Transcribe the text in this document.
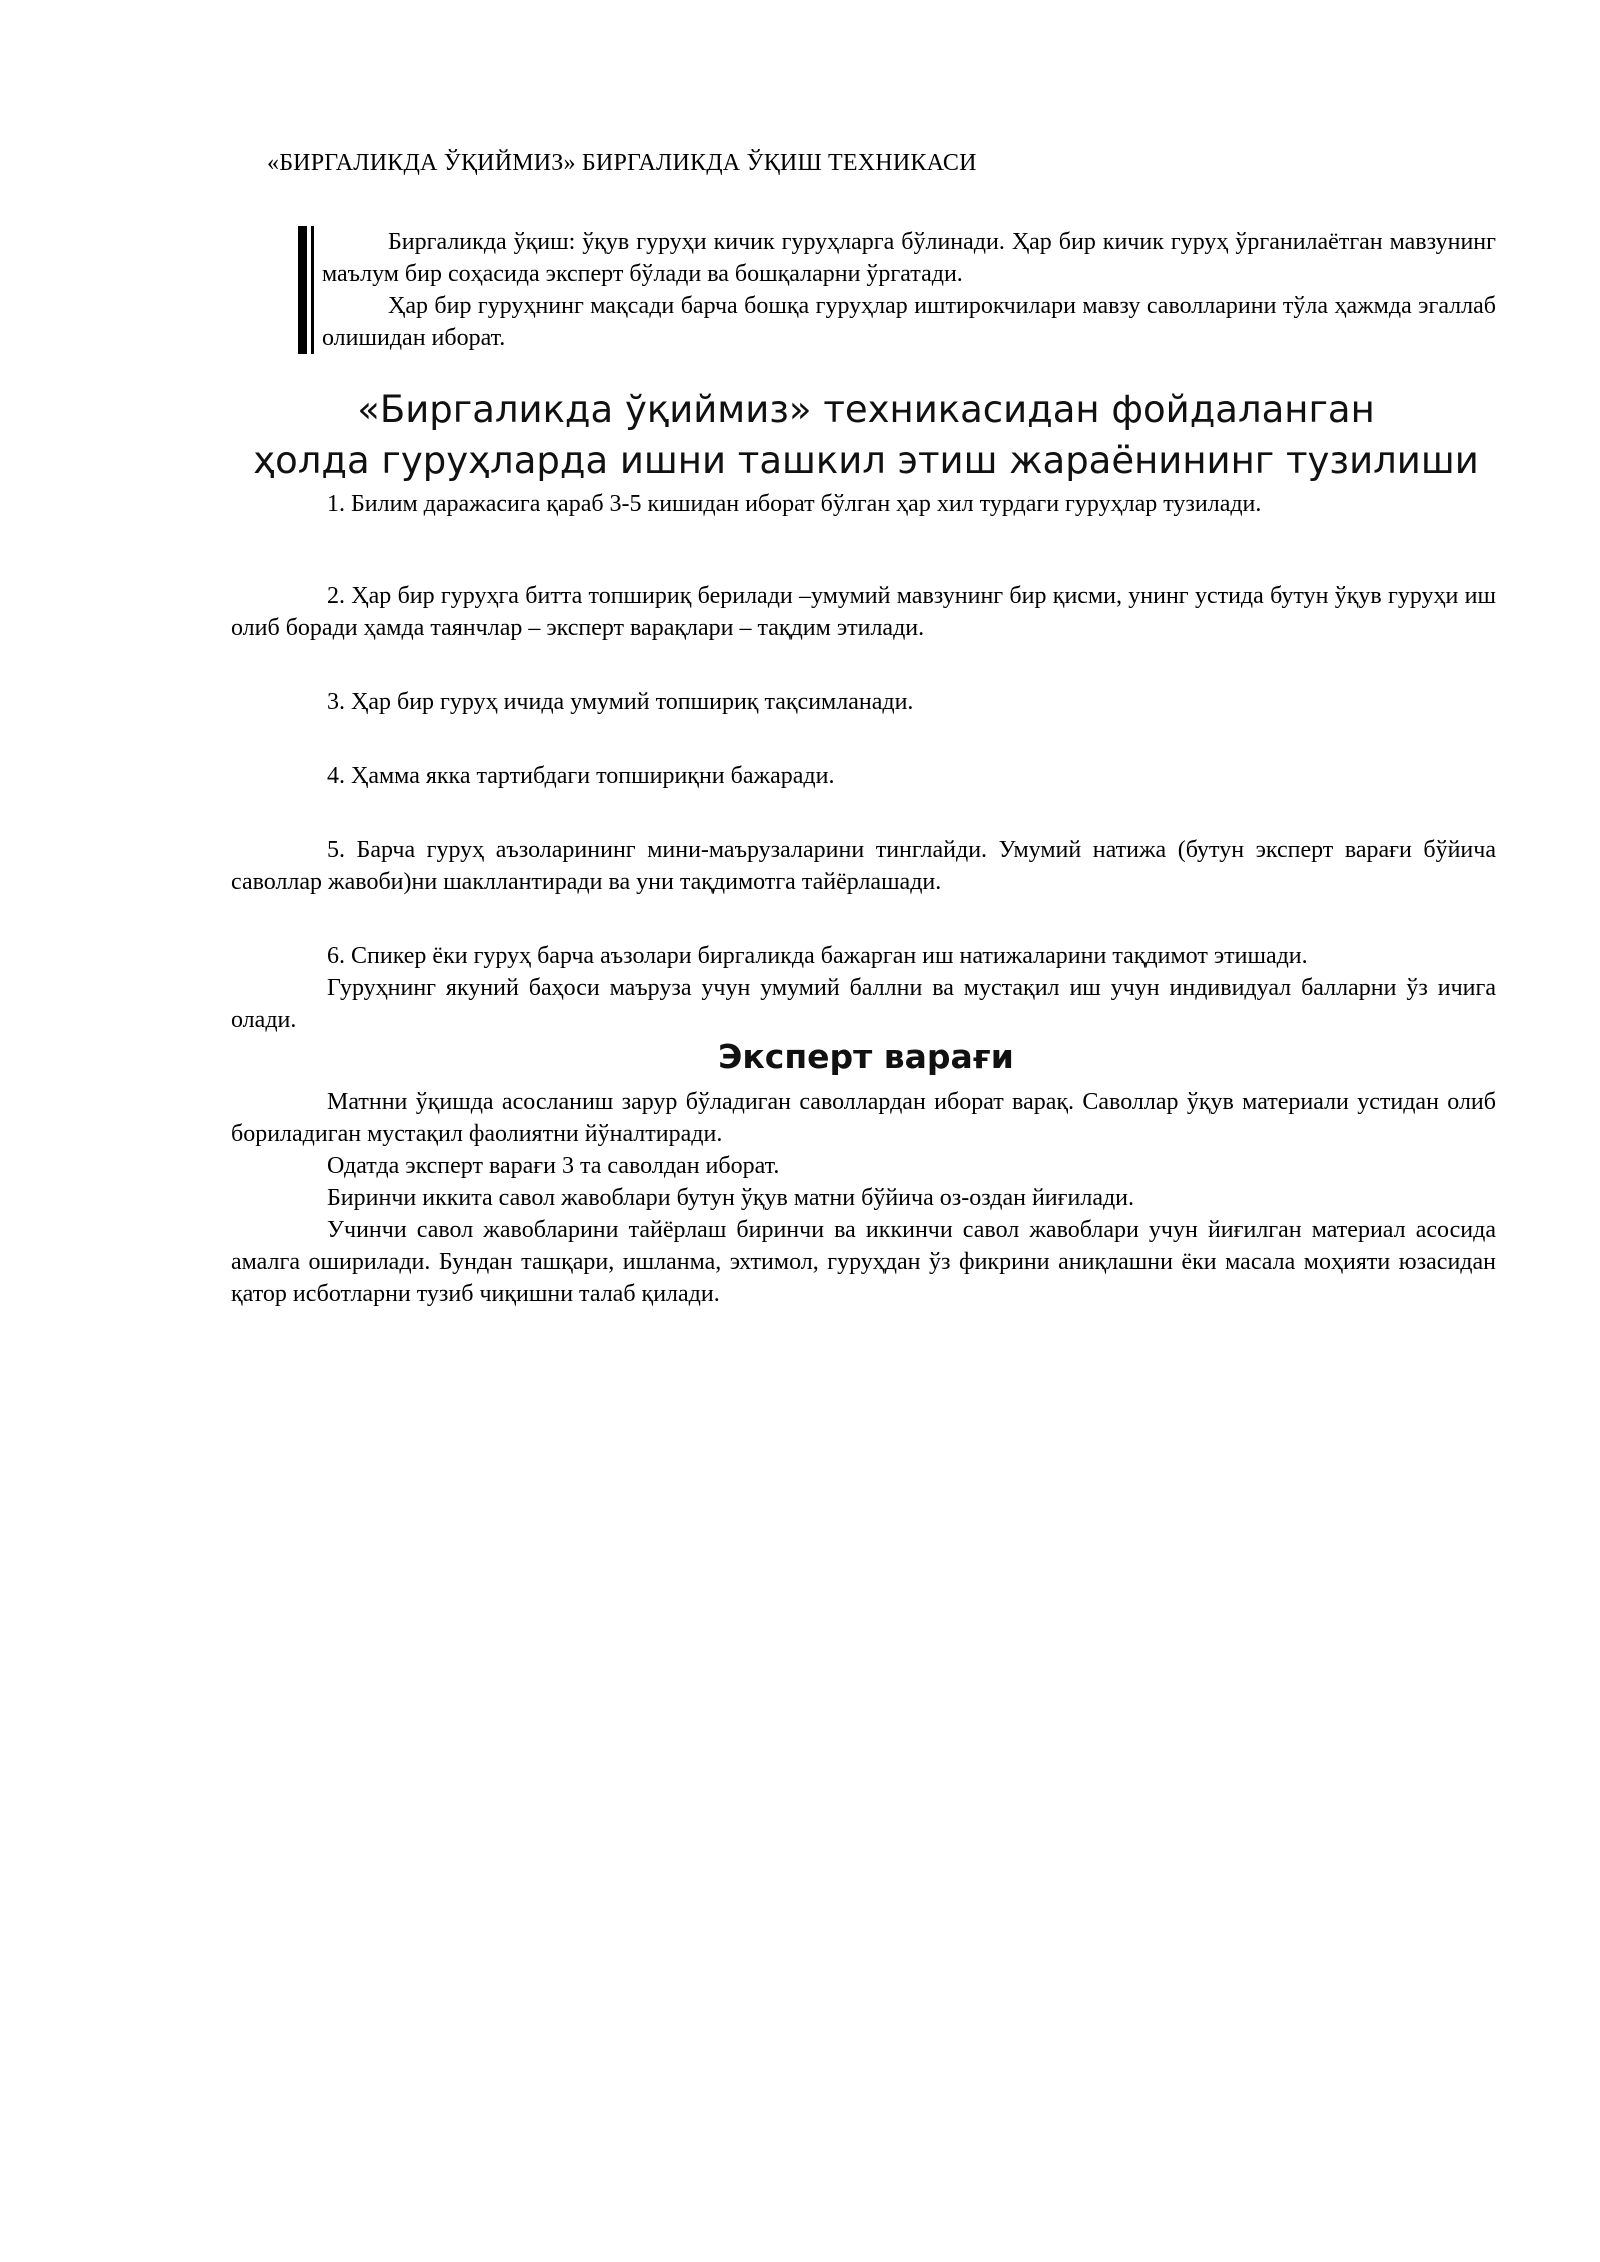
«БИРГАЛИКДА ЎҚИЙМИЗ» БИРГАЛИКДА ЎҚИШ ТЕХНИКАСИ

Биргаликда ўқиш: ўқув гуруҳи кичик гуруҳларга бўлинади. Ҳар бир кичик гуруҳ ўрганилаётган мавзунинг маълум бир соҳасида эксперт бўлади ва бошқаларни ўргатади.

Ҳар бир гуруҳнинг мақсади барча бошқа гуруҳлар иштирокчилари мавзу саволларини тўла ҳажмда эгаллаб олишидан иборат.

«Биргаликда ўқиймиз» техникасидан фойдаланган
ҳолда гуруҳларда ишни ташкил этиш жараёнининг тузилиши

1. Билим даражасига қараб 3-5 кишидан иборат бўлган ҳар хил турдаги гуруҳлар тузилади.

2. Ҳар бир гуруҳга битта топшириқ берилади –умумий мавзунинг бир қисми, унинг устида бутун ўқув гуруҳи иш олиб боради ҳамда таянчлар – эксперт варақлари – тақдим этилади.

3. Ҳар бир гуруҳ ичида умумий топшириқ тақсимланади.

4. Ҳамма якка тартибдаги топшириқни бажаради.

5. Барча гуруҳ аъзоларининг мини-маърузаларини тинглайди. Умумий натижа (бутун эксперт варағи бўйича саволлар жавоби)ни шакллантиради ва уни тақдимотга тайёрлашади.

6. Спикер ёки гуруҳ барча аъзолари биргаликда бажарган иш натижаларини тақдимот этишади.

Гуруҳнинг якуний баҳоси маъруза учун умумий баллни ва мустақил иш учун индивидуал балларни ўз ичига олади.

Эксперт варағи

Матнни ўқишда асосланиш зарур бўладиган саволлардан иборат варақ. Саволлар ўқув материали устидан олиб бориладиган мустақил фаолиятни йўналтиради.

Одатда эксперт варағи 3 та саволдан иборат.

Биринчи иккита савол жавоблари бутун ўқув матни бўйича оз-оздан йиғилади.

Учинчи савол жавобларини тайёрлаш биринчи ва иккинчи савол жавоблари учун йиғилган материал асосида амалга оширилади. Бундан ташқари, ишланма, эхтимол, гуруҳдан ўз фикрини аниқлашни ёки масала моҳияти юзасидан қатор исботларни тузиб чиқишни талаб қилади.
